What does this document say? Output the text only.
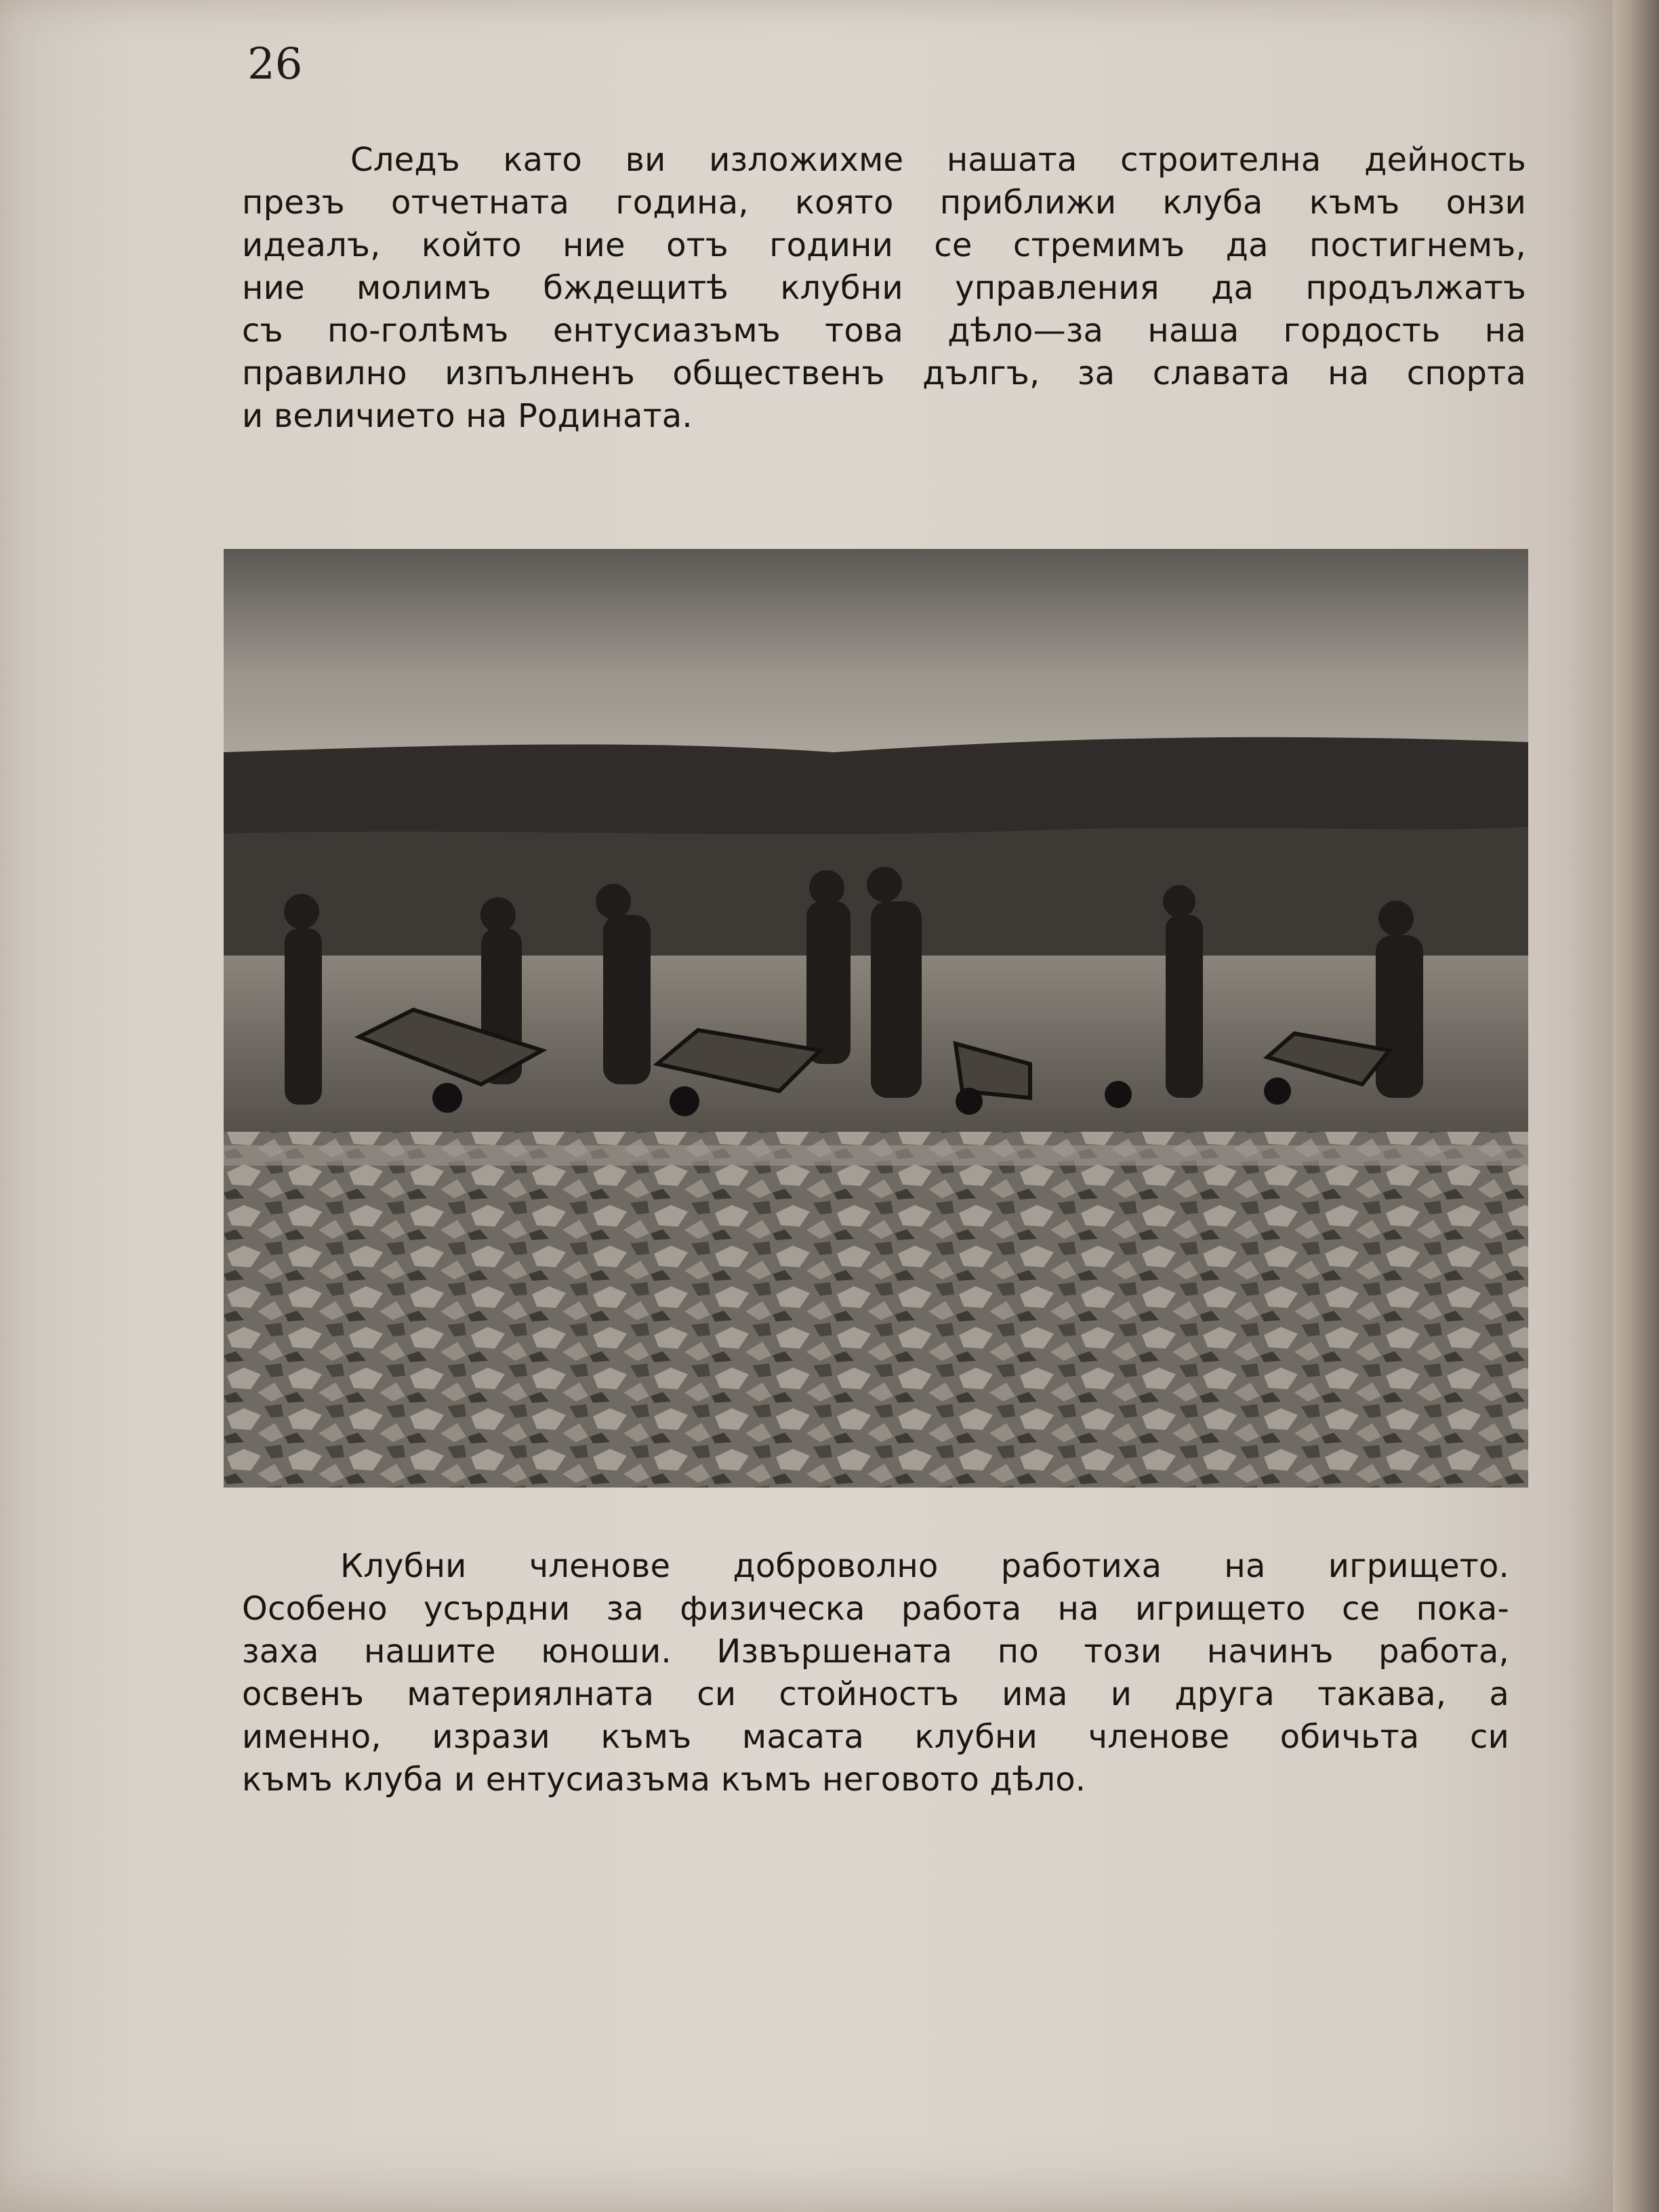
26
Следъ като ви изложихме нашата строителна дейность
презъ отчетната година, която приближи клуба къмъ онзи
идеалъ, който ние отъ години се стремимъ да постигнемъ,
ние молимъ бждещитѣ клубни управления да продължатъ
съ по-голѣмъ ентусиазъмъ това дѣло—за наша гордость на
правилно изпълненъ общественъ дългъ, за славата на спорта
и величието на Родината.
Клубни членове доброволно работиха на игрището.
Особено усърдни за физическа работа на игрището се пока-
заха нашите юноши. Извършената по този начинъ работа,
освенъ материялната си стойностъ има и друга такава, а
именно, изрази къмъ масата клубни членове обичьта си
къмъ клуба и ентусиазъма къмъ неговото дѣло.
